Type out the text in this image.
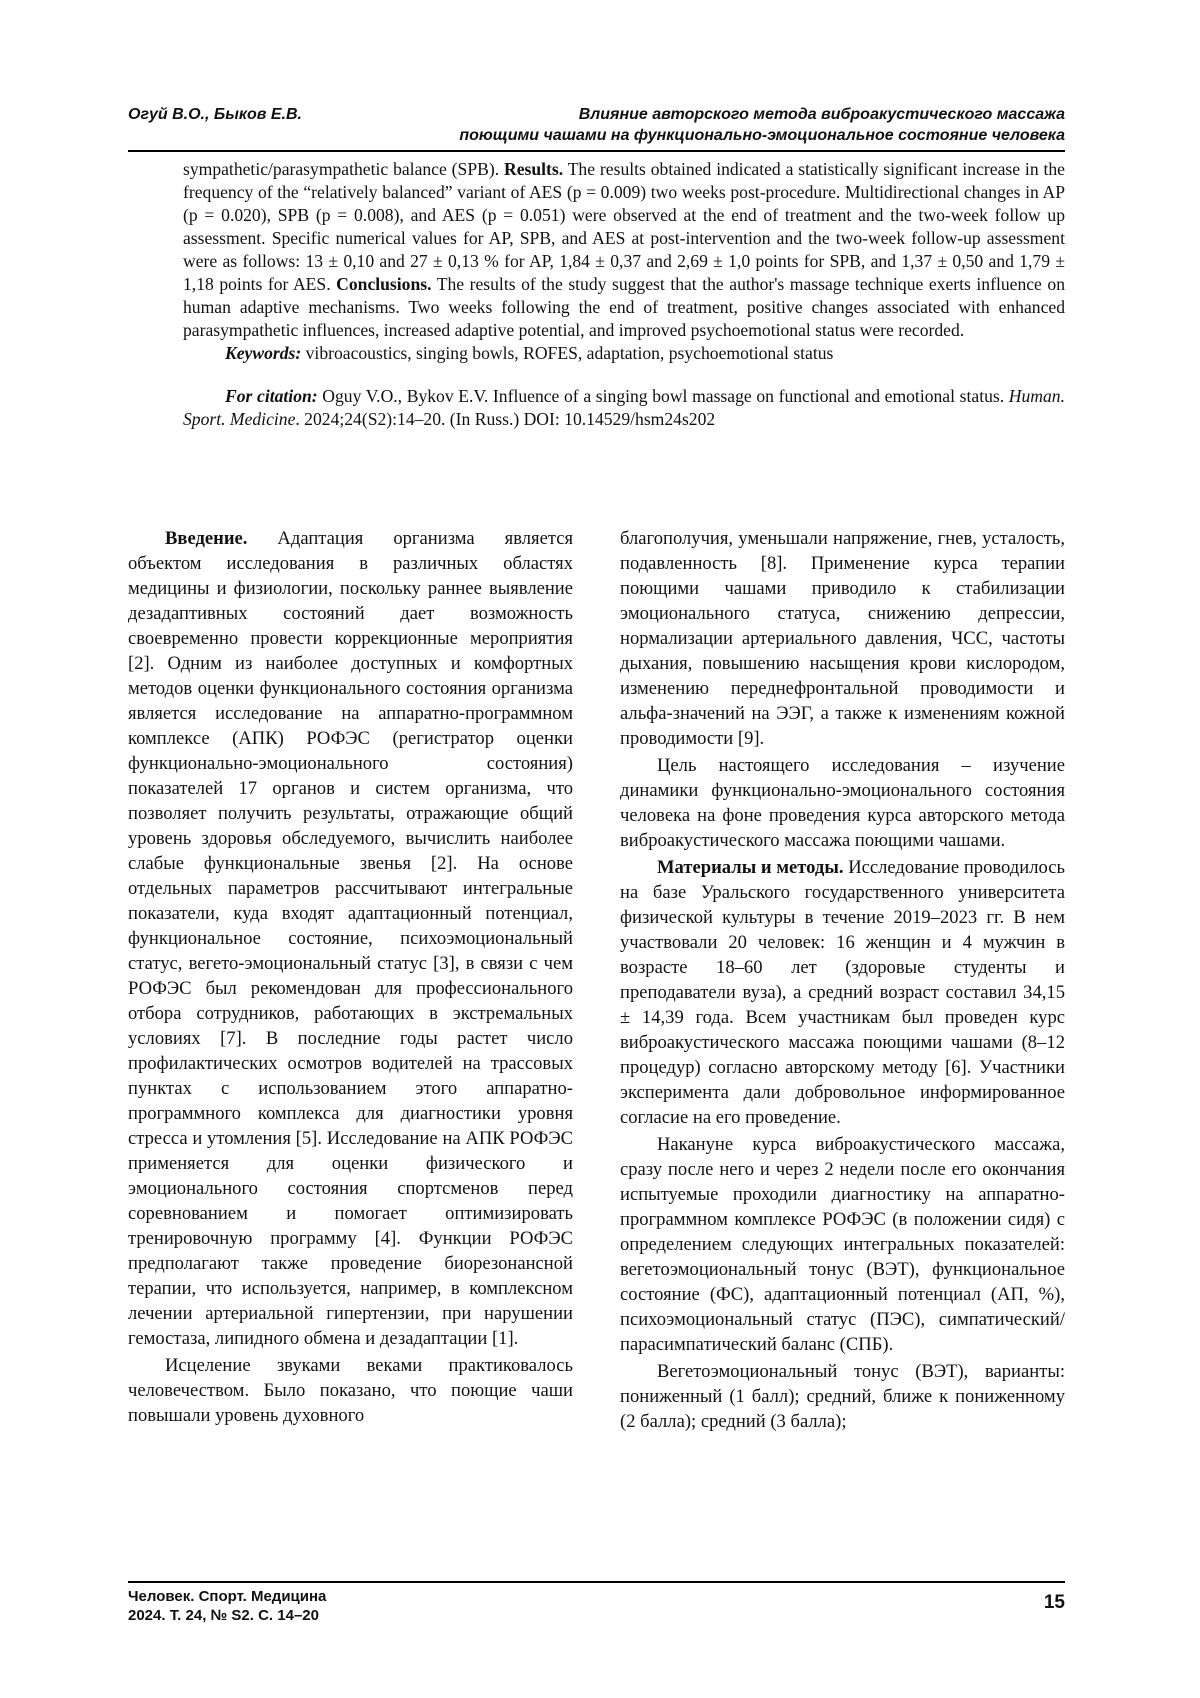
Огуй В.О., Быков Е.В.	Влияние авторского метода виброакустического массажа
поющими чашами на функционально-эмоциональное состояние человека

sympathetic/parasympathetic balance (SPB). Results. The results obtained indicated a statistically significant increase in the frequency of the “relatively balanced” variant of AES (p = 0.009) two weeks post-procedure. Multidirectional changes in AP (p = 0.020), SPB (p = 0.008), and AES (p = 0.051) were observed at the end of treatment and the two-week follow up assessment. Specific numerical values for AP, SPB, and AES at post-intervention and the two-week follow-up assessment were as follows: 13 ± 0,10 and 27 ± 0,13 % for AP, 1,84 ± 0,37 and 2,69 ± 1,0 points for SPB, and 1,37 ± 0,50 and 1,79 ± 1,18 points for AES. Conclusions. The results of the study suggest that the author's massage technique exerts influence on human adaptive mechanisms. Two weeks following the end of treatment, positive changes associated with enhanced parasympathetic influences, increased adaptive potential, and improved psychoemotional status were recorded.

Keywords: vibroacoustics, singing bowls, ROFES, adaptation, psychoemotional status

For citation: Oguy V.O., Bykov E.V. Influence of a singing bowl massage on functional and emotional status. Human. Sport. Medicine. 2024;24(S2):14–20. (In Russ.) DOI: 10.14529/hsm24s202

Введение. Адаптация организма является объектом исследования в различных областях медицины и физиологии, поскольку раннее выявление дезадаптивных состояний дает возможность своевременно провести коррекционные мероприятия [2]. Одним из наиболее доступных и комфортных методов оценки функционального состояния организма является исследование на аппаратно-программном комплексе (АПК) РОФЭС (регистратор оценки функционально-эмоционального состояния) показателей 17 органов и систем организма, что позволяет получить результаты, отражающие общий уровень здоровья обследуемого, вычислить наиболее слабые функциональные звенья [2]. На основе отдельных параметров рассчитывают интегральные показатели, куда входят адаптационный потенциал, функциональное состояние, психоэмоциональный статус, вегето-эмоциональный статус [3], в связи с чем РОФЭС был рекомендован для профессионального отбора сотрудников, работающих в экстремальных условиях [7]. В последние годы растет число профилактических осмотров водителей на трассовых пунктах с использованием этого аппаратно-программного комплекса для диагностики уровня стресса и утомления [5]. Исследование на АПК РОФЭС применяется для оценки физического и эмоционального состояния спортсменов перед соревнованием и помогает оптимизировать тренировочную программу [4]. Функции РОФЭС предполагают также проведение биорезонансной терапии, что используется, например, в комплексном лечении артериальной гипертензии, при нарушении гемостаза, липидного обмена и дезадаптации [1].

Исцеление звуками веками практиковалось человечеством. Было показано, что поющие чаши повышали уровень духовного

благополучия, уменьшали напряжение, гнев, усталость, подавленность [8]. Применение курса терапии поющими чашами приводило к стабилизации эмоционального статуса, снижению депрессии, нормализации артериального давления, ЧСС, частоты дыхания, повышению насыщения крови кислородом, изменению переднефронтальной проводимости и альфа-значений на ЭЭГ, а также к изменениям кожной проводимости [9].

Цель настоящего исследования – изучение динамики функционально-эмоционального состояния человека на фоне проведения курса авторского метода виброакустического массажа поющими чашами.

Материалы и методы. Исследование проводилось на базе Уральского государственного университета физической культуры в течение 2019–2023 гг. В нем участвовали 20 человек: 16 женщин и 4 мужчин в возрасте 18–60 лет (здоровые студенты и преподаватели вуза), а средний возраст составил 34,15 ± 14,39 года. Всем участникам был проведен курс виброакустического массажа поющими чашами (8–12 процедур) согласно авторскому методу [6]. Участники эксперимента дали добровольное информированное согласие на его проведение.

Накануне курса виброакустического массажа, сразу после него и через 2 недели после его окончания испытуемые проходили диагностику на аппаратно-программном комплексе РОФЭС (в положении сидя) с определением следующих интегральных показателей: вегетоэмоциональный тонус (ВЭТ), функциональное состояние (ФС), адаптационный потенциал (АП, %), психоэмоциональный статус (ПЭС), симпатический/парасимпатический баланс (СПБ).

Вегетоэмоциональный тонус (ВЭТ), варианты: пониженный (1 балл); средний, ближе к пониженному (2 балла); средний (3 балла);

Человек. Спорт. Медицина
2024. Т. 24, № S2. С. 14–20
15
